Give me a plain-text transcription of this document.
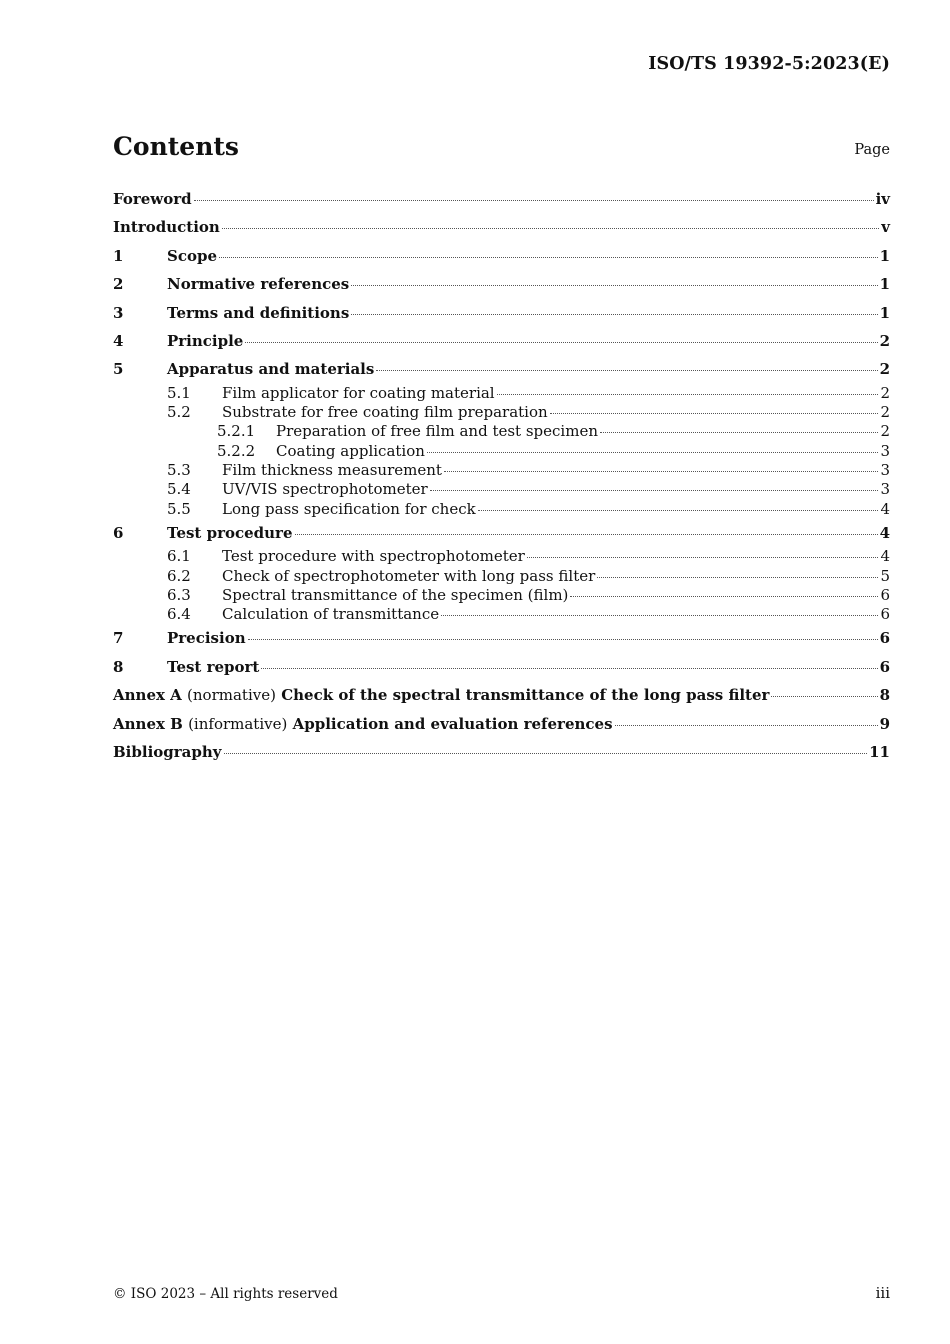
ISO/TS 19392-5:2023(E)
Contents	Page
Foreword	iv
Introduction	v
1	Scope	1
2	Normative references	1
3	Terms and definitions	1
4	Principle	2
5	Apparatus and materials	2
5.1	Film applicator for coating material	2
5.2	Substrate for free coating film preparation	2
5.2.1	Preparation of free film and test specimen	2
5.2.2	Coating application	3
5.3	Film thickness measurement	3
5.4	UV/VIS spectrophotometer	3
5.5	Long pass specification for check	4
6	Test procedure	4
6.1	Test procedure with spectrophotometer	4
6.2	Check of spectrophotometer with long pass filter	5
6.3	Spectral transmittance of the specimen (film)	6
6.4	Calculation of transmittance	6
7	Precision	6
8	Test report	6
Annex A (normative) Check of the spectral transmittance of the long pass filter	8
Annex B (informative) Application and evaluation references	9
Bibliography	11
© ISO 2023 – All rights reserved	iii
